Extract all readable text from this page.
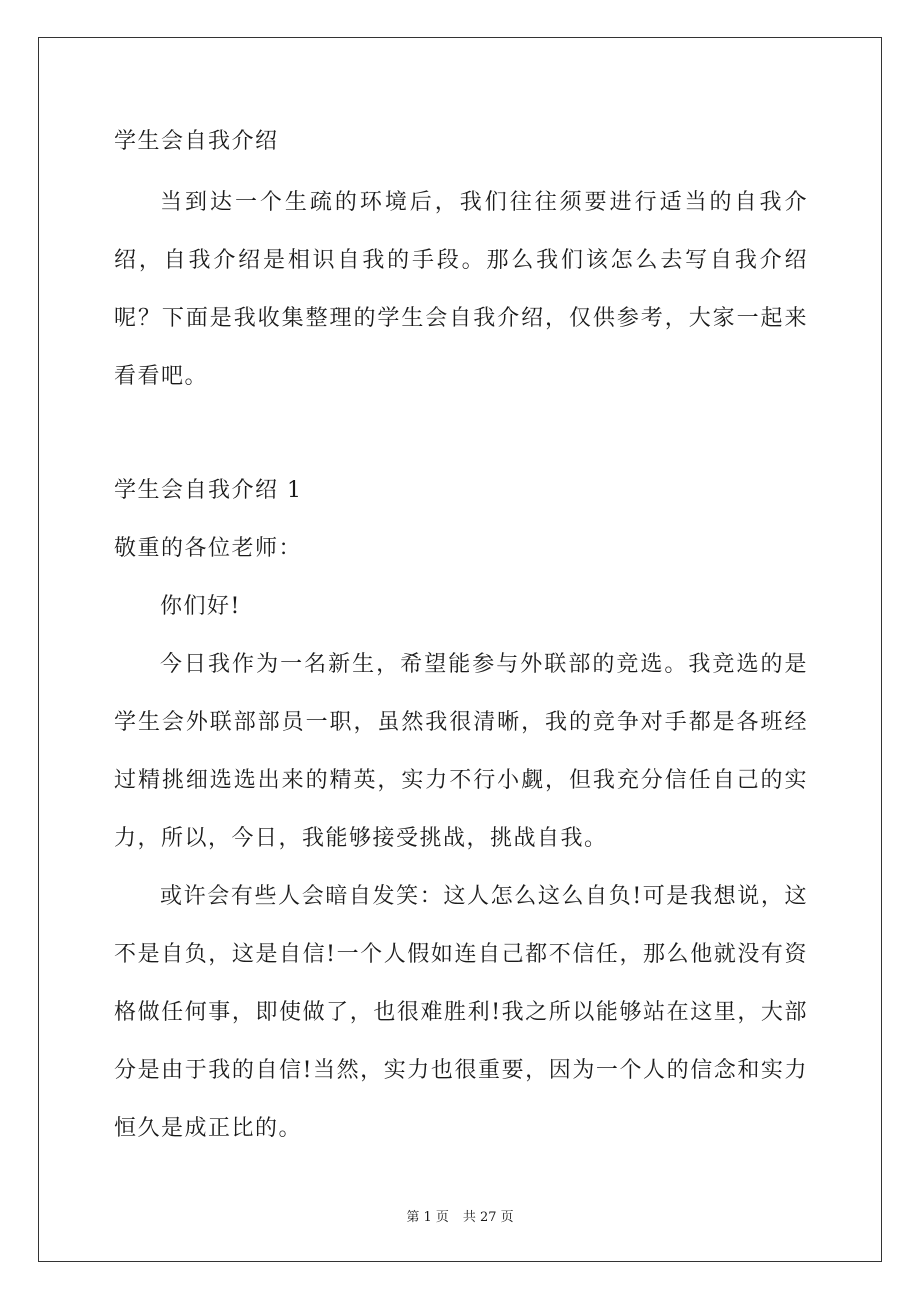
学生会自我介绍

当到达一个生疏的环境后，我们往往须要进行适当的自我介绍，自我介绍是相识自我的手段。那么我们该怎么去写自我介绍呢？下面是我收集整理的学生会自我介绍，仅供参考，大家一起来看看吧。

学生会自我介绍 1

敬重的各位老师：

你们好!

今日我作为一名新生，希望能参与外联部的竞选。我竞选的是学生会外联部部员一职，虽然我很清晰，我的竞争对手都是各班经过精挑细选选出来的精英，实力不行小觑，但我充分信任自己的实力，所以，今日，我能够接受挑战，挑战自我。

或许会有些人会暗自发笑：这人怎么这么自负!可是我想说，这不是自负，这是自信!一个人假如连自己都不信任，那么他就没有资格做任何事，即使做了，也很难胜利!我之所以能够站在这里，大部分是由于我的自信!当然，实力也很重要，因为一个人的信念和实力恒久是成正比的。

第 1 页 共 27 页
